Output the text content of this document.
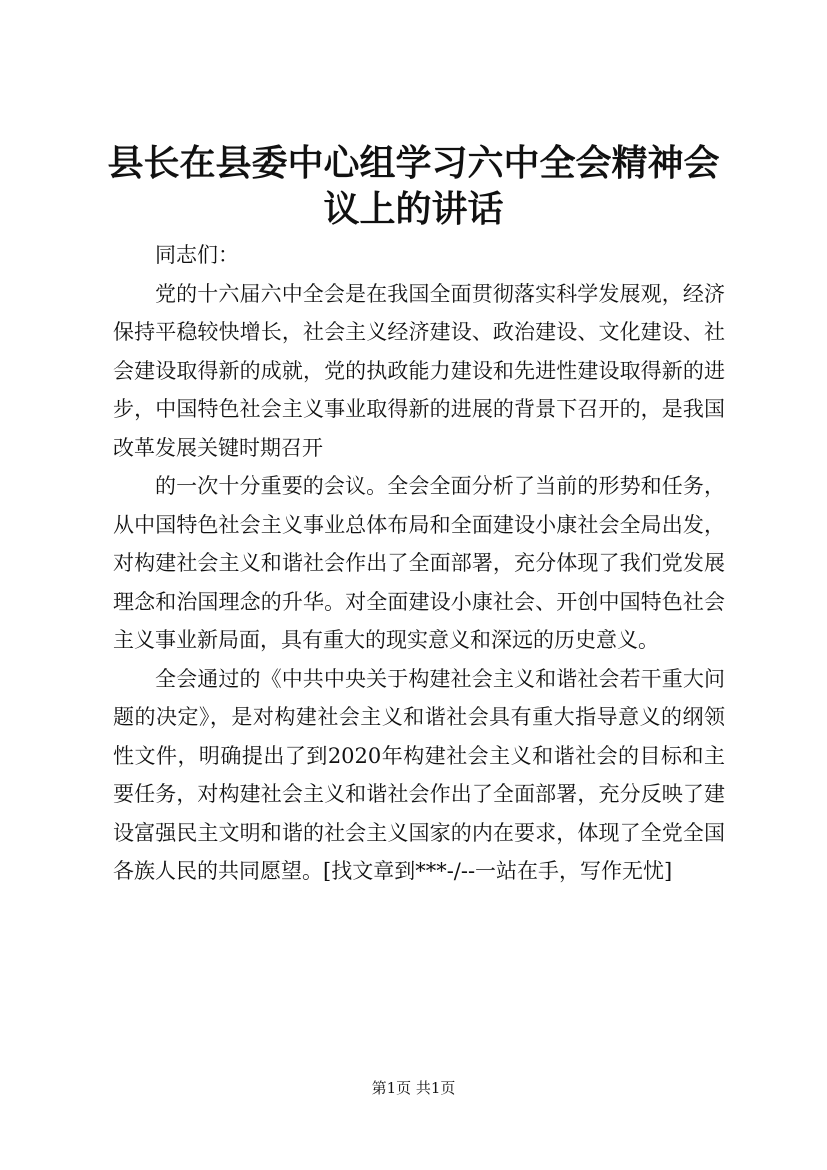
县长在县委中心组学习六中全会精神会议上的讲话

同志们：

党的十六届六中全会是在我国全面贯彻落实科学发展观，经济保持平稳较快增长，社会主义经济建设、政治建设、文化建设、社会建设取得新的成就，党的执政能力建设和先进性建设取得新的进步，中国特色社会主义事业取得新的进展的背景下召开的，是我国改革发展关键时期召开

的一次十分重要的会议。全会全面分析了当前的形势和任务，从中国特色社会主义事业总体布局和全面建设小康社会全局出发，对构建社会主义和谐社会作出了全面部署，充分体现了我们党发展理念和治国理念的升华。对全面建设小康社会、开创中国特色社会主义事业新局面，具有重大的现实意义和深远的历史意义。

全会通过的《中共中央关于构建社会主义和谐社会若干重大问题的决定》，是对构建社会主义和谐社会具有重大指导意义的纲领性文件，明确提出了到2020年构建社会主义和谐社会的目标和主要任务，对构建社会主义和谐社会作出了全面部署，充分反映了建设富强民主文明和谐的社会主义国家的内在要求，体现了全党全国各族人民的共同愿望。[找文章到***-/--一站在手，写作无忧]

第1页 共1页
